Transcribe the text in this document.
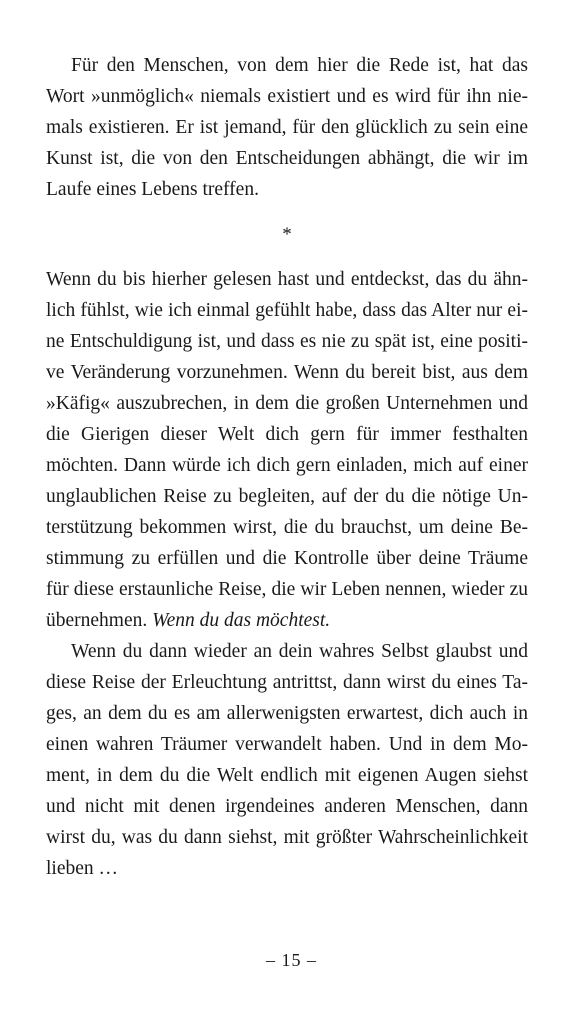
Für den Menschen, von dem hier die Rede ist, hat das
Wort »unmöglich« niemals existiert und es wird für ihn nie-
mals existieren. Er ist jemand, für den glücklich zu sein eine
Kunst ist, die von den Entscheidungen abhängt, die wir im
Laufe eines Lebens treffen.
*
Wenn du bis hierher gelesen hast und entdeckst, das du ähn-
lich fühlst, wie ich einmal gefühlt habe, dass das Alter nur ei-
ne Entschuldigung ist, und dass es nie zu spät ist, eine positi-
ve Veränderung vorzunehmen. Wenn du bereit bist, aus dem
»Käfig« auszubrechen, in dem die großen Unternehmen und
die Gierigen dieser Welt dich gern für immer festhalten
möchten. Dann würde ich dich gern einladen, mich auf einer
unglaublichen Reise zu begleiten, auf der du die nötige Un-
terstützung bekommen wirst, die du brauchst, um deine Be-
stimmung zu erfüllen und die Kontrolle über deine Träume
für diese erstaunliche Reise, die wir Leben nennen, wieder zu
übernehmen. Wenn du das möchtest.
Wenn du dann wieder an dein wahres Selbst glaubst und
diese Reise der Erleuchtung antrittst, dann wirst du eines Ta-
ges, an dem du es am allerwenigsten erwartest, dich auch in
einen wahren Träumer verwandelt haben. Und in dem Mo-
ment, in dem du die Welt endlich mit eigenen Augen siehst
und nicht mit denen irgendeines anderen Menschen, dann
wirst du, was du dann siehst, mit größter Wahrscheinlichkeit
lieben …
– 15 –
